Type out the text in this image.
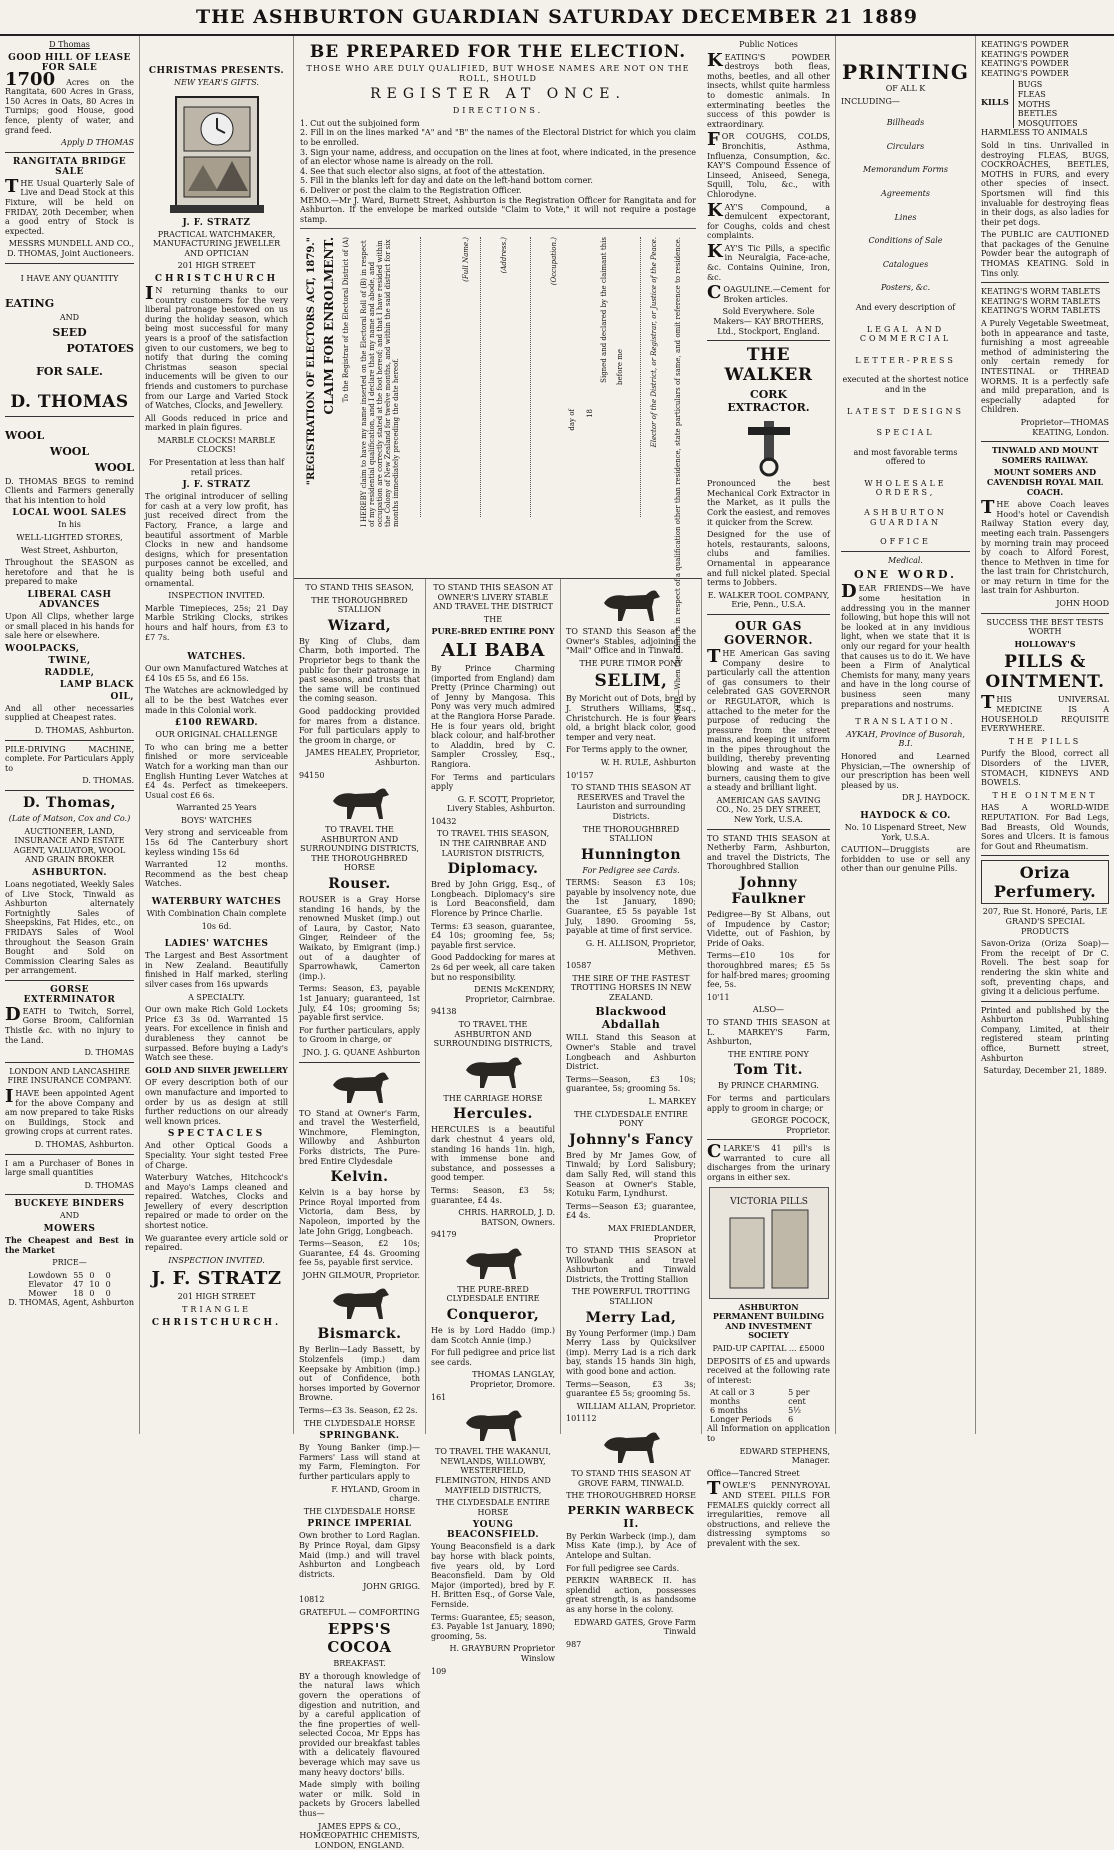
THE ASHBURTON GUARDIAN SATURDAY DECEMBER 21 1889
D Thomas
GOOD HILL OF LEASE FOR SALE
1700 Acres on the Rangitata, 600 Acres in Grass, 150 Acres in Oats, 80 Acres in Turnips; good House, good fence, plenty of water, and grand feed.
Apply D THOMAS
RANGITATA BRIDGE SALE
THE Usual Quarterly Sale of Live and Dead Stock at this Fixture, will be held on FRIDAY, 20th December, when a good entry of Stock is expected.
MESSRS MUNDELL AND CO., D. THOMAS, Joint Auctioneers.
I HAVE ANY QUANTITY
EATING
AND
SEED
POTATOES
FOR SALE.
D. THOMAS
WOOL
WOOL
WOOL
D. THOMAS BEGS to remind Clients and Farmers generally that his intention to hold
LOCAL WOOL SALES
In his
WELL-LIGHTED STORES,
West Street, Ashburton,
Throughout the SEASON as heretofore and that he is prepared to make
LIBERAL CASH ADVANCES
Upon All Clips, whether large or small placed in his hands for sale here or elsewhere.
WOOLPACKS,
TWINE,
RADDLE,
LAMP BLACK
OIL,
And all other necessaries supplied at Cheapest rates.
D. THOMAS, Ashburton.
PILE-DRIVING MACHINE, complete. For Particulars Apply to
D. THOMAS.
D. Thomas,
(Late of Matson, Cox and Co.)
AUCTIONEER, LAND, INSURANCE AND ESTATE AGENT, VALUATOR, WOOL AND GRAIN BROKER
ASHBURTON.
Loans negotiated, Weekly Sales of Live Stock, Tinwald as Ashburton alternately Fortnightly Sales of Sheepskins, Fat Hides, etc., on FRIDAYS Sales of Wool throughout the Season Grain Bought and Sold on Commission Clearing Sales as per arrangement.
GORSE EXTERMINATOR
DEATH to Twitch, Sorrel, Gorse Broom, Californian Thistle &c. with no injury to the Land.
D. THOMAS
LONDON AND LANCASHIRE FIRE INSURANCE COMPANY.
IHAVE been appointed Agent for the above Company and am now prepared to take Risks on Buildings, Stock and growing crops at current rates.
D. THOMAS, Ashburton.
I am a Purchaser of Bones in large small quantities
D. THOMAS
BUCKEYE BINDERS
AND
MOWERS
The Cheapest and Best in the Market
PRICE—
Lowdown	55	0	0
Elevator	47	10	0
Mower	18	0	0
D. THOMAS, Agent, Ashburton
CHRISTMAS PRESENTS.
NEW YEAR'S GIFTS.
J. F. STRATZ
PRACTICAL WATCHMAKER, MANUFACTURING JEWELLER AND OPTICIAN
201 HIGH STREET
CHRISTCHURCH
IN returning thanks to our country customers for the very liberal patronage bestowed on us during the holiday season, which being most successful for many years is a proof of the satisfaction given to our customers, we beg to notify that during the coming Christmas season special inducements will be given to our friends and customers to purchase from our Large and Varied Stock of Watches, Clocks, and Jewellery.
All Goods reduced in price and marked in plain figures.
MARBLE CLOCKS! MARBLE CLOCKS!
For Presentation at less than half retail prices.
J. F. STRATZ
The original introducer of selling for cash at a very low profit, has just received direct from the Factory, France, a large and beautiful assortment of Marble Clocks in new and handsome designs, which for presentation purposes cannot be excelled, and quality being both useful and ornamental.
INSPECTION INVITED.
Marble Timepieces, 25s; 21 Day Marble Striking Clocks, strikes hours and half hours, from £3 to £7 7s.
WATCHES.
Our own Manufactured Watches at £4 10s £5 5s, and £6 15s.
The Watches are acknowledged by all to be the best Watches ever made in this Colonial work.
£100 REWARD.
OUR ORIGINAL CHALLENGE
To who can bring me a better finished or more serviceable Watch for a working man than our English Hunting Lever Watches at £4 4s. Perfect as timekeepers. Usual cost £6 6s.
Warranted 25 Years
BOYS' WATCHES
Very strong and serviceable from 15s 6d The Canterbury short keyless winding 15s 6d
Warranted 12 months. Recommend as the best cheap Watches.
WATERBURY WATCHES
With Combination Chain complete
10s 6d.
LADIES' WATCHES
The Largest and Best Assortment in New Zealand. Beautifully finished in Half marked, sterling silver cases from 16s upwards
A SPECIALTY.
Our own make Rich Gold Lockets Price £3 3s 0d. Warranted 15 years. For excellence in finish and durableness they cannot be surpassed. Before buying a Lady's Watch see these.
GOLD AND SILVER JEWELLERY
OF every description both of our own manufacture and imported to order by us as design at still further reductions on our already well known prices.
SPECTACLES
And other Optical Goods a Speciality. Your sight tested Free of Charge.
Waterbury Watches, Hitchcock's and Mayo's Lamps cleaned and repaired. Watches, Clocks and Jewellery of every description repaired or made to order on the shortest notice.
We guarantee every article sold or repaired.
INSPECTION INVITED.
J. F. STRATZ
201 HIGH STREET
TRIANGLE
CHRISTCHURCH.
BE PREPARED FOR THE ELECTION.
THOSE WHO ARE DULY QUALIFIED, BUT WHOSE NAMES ARE NOT ON THE ROLL, SHOULD
REGISTER AT ONCE.
DIRECTIONS.
1. Cut out the subjoined form
2. Fill in on the lines marked "A" and "B" the names of the Electoral District for which you claim to be enrolled.
3. Sign your name, address, and occupation on the lines at foot, where indicated, in the presence of an elector whose name is already on the roll.
4. See that such elector also signs, at foot of the attestation.
5. Fill in the blanks left for day and date on the left-hand bottom corner.
6. Deliver or post the claim to the Registration Officer.
MEMO.—Mr J. Ward, Burnett Street, Ashburton is the Registration Officer for Rangitata and for Ashburton. If the envelope be marked outside "Claim to Vote," it will not require a postage stamp.
"REGISTRATION OF ELECTORS ACT, 1879." CLAIM FOR ENROLMENT. To the Registrar of the Electoral District of (A) I HEREBY claim to have my name inserted on the Electoral Roll of (B) in respect of my residential qualification, and I declare that my name and abode, and occupation are correctly stated at the foot hereof; and that I have resided within the Colony of New Zealand for twelve months, and within the said district for six months immediately preceding the date hereof.
(Full Name.)	(Address.)	(Occupation.)
day of 18
Signed and declared by the claimant this before me	Elector of the District, or Registrar, or Justice of the Peace. NOTE.—When the claim is in respect of a qualification other than residence, state particulars of same, and omit reference to residence.
TO STAND THIS SEASON,
THE THOROUGHBRED STALLION
Wizard,
By King of Clubs, dam Charm, both imported. The Proprietor begs to thank the public for their patronage in past seasons, and trusts that the same will be continued the coming season.
Good paddocking provided for mares from a distance. For full particulars apply to the groom in charge, or
JAMES HEALEY, Proprietor, Ashburton.
94150
TO TRAVEL THE ASHBURTON AND SURROUNDING DISTRICTS, THE THOROUGHBRED HORSE
Rouser.
ROUSER is a Gray Horse standing 16 hands, by the renowned Musket (imp.) out of Laura, by Castor, Nato Ginger, Reindeer of the Waikato, by Emigrant (imp.) out of a daughter of Sparrowhawk, Camerton (imp.).
Terms: Season, £3, payable 1st January; guaranteed, 1st July, £4 10s; grooming 5s; payable first service.
For further particulars, apply to Groom in charge, or
JNO. J. G. QUANE Ashburton
TO Stand at Owner's Farm, and travel the Westerfield, Winchmore, Flemington, Willowby and Ashburton Forks districts, The Pure-bred Entire Clydesdale
Kelvin.
Kelvin is a bay horse by Prince Royal imported from Victoria, dam Bess, by Napoleon, imported by the late John Grigg, Longbeach.
Terms—Season, £2 10s; Guarantee, £4 4s. Grooming fee 5s, payable first service.
JOHN GILMOUR, Proprietor.
Bismarck.
By Berlin—Lady Bassett, by Stolzenfels (imp.) dam Keepsake by Ambition (imp.) out of Confidence, both horses imported by Governor Browne.
Terms—£3 3s. Season, £2 2s.
THE CLYDESDALE HORSE
SPRINGBANK.
By Young Banker (imp.)—Farmers' Lass will stand at my Farm, Flemington. For further particulars apply to
F. HYLAND, Groom in charge.
THE CLYDESDALE HORSE
PRINCE IMPERIAL
Own brother to Lord Raglan. By Prince Royal, dam Gipsy Maid (imp.) and will travel Ashburton and Longbeach districts.
JOHN GRIGG.
10812
GRATEFUL — COMFORTING
EPPS'S COCOA
BREAKFAST.
BY a thorough knowledge of the natural laws which govern the operations of digestion and nutrition, and by a careful application of the fine properties of well-selected Cocoa, Mr Epps has provided our breakfast tables with a delicately flavoured beverage which may save us many heavy doctors' bills.
Made simply with boiling water or milk. Sold in packets by Grocers labelled thus—
JAMES EPPS & CO., HOMŒOPATHIC CHEMISTS, LONDON, ENGLAND.
TO STAND THIS SEASON AT OWNER'S LIVERY STABLE AND TRAVEL THE DISTRICT
THE
PURE-BRED ENTIRE PONY
ALI BABA
By Prince Charming (imported from England) dam Pretty (Prince Charming) out of Jenny by Mangosa. This Pony was very much admired at the Rangiora Horse Parade. He is four years old, bright black colour, and half-brother to Aladdin, bred by C. Sampler Crossley, Esq., Rangiora.
For Terms and particulars apply
G. F. SCOTT, Proprietor, Livery Stables, Ashburton.
10432
TO TRAVEL THIS SEASON, IN THE CAIRNBRAE AND LAURISTON DISTRICTS,
Diplomacy.
Bred by John Grigg, Esq., of Longbeach. Diplomacy's sire is Lord Beaconsfield, dam Florence by Prince Charlie.
Terms: £3 season, guarantee, £4 10s; grooming fee, 5s; payable first service.
Good Paddocking for mares at 2s 6d per week, all care taken but no responsibility.
DENIS McKENDRY, Proprietor, Cairnbrae.
94138
TO TRAVEL THE ASHBURTON AND SURROUNDING DISTRICTS,
THE CARRIAGE HORSE
Hercules.
HERCULES is a beautiful dark chestnut 4 years old, standing 16 hands 1in. high, with immense bone and substance, and possesses a good temper.
Terms: Season, £3 5s; guarantee, £4 4s.
CHRIS. HARROLD, J. D. BATSON, Owners.
94179
THE PURE-BRED CLYDESDALE ENTIRE
Conqueror,
He is by Lord Haddo (imp.) dam Scotch Annie (imp.)
For full pedigree and price list see cards.
THOMAS LANGLAY, Proprietor, Dromore.
161
TO TRAVEL THE WAKANUI, NEWLANDS, WILLOWBY, WESTERFIELD, FLEMINGTON, HINDS AND MAYFIELD DISTRICTS,
THE CLYDESDALE ENTIRE HORSE
YOUNG BEACONSFIELD.
Young Beaconsfield is a dark bay horse with black points, five years old, by Lord Beaconsfield. Dam by Old Major (imported), bred by F. H. Britten Esq., of Gorse Vale, Fernside.
Terms: Guarantee, £5; season, £3. Payable 1st January, 1890; grooming, 5s.
H. GRAYBURN Proprietor Winslow
109
TO STAND this Season at the Owner's Stables, adjoining the "Mail" Office and in Tinwald.
THE PURE TIMOR PONY
SELIM,
By Moricht out of Dots, bred by J. Struthers Williams, Esq., Christchurch. He is four years old, a bright black color, good temper and very neat.
For Terms apply to the owner,
W. H. RULE, Ashburton
10'157
TO STAND THIS SEASON AT RESERVES and Travel the Lauriston and surrounding Districts.
THE THOROUGHBRED STALLION
Hunnington
For Pedigree see Cards.
TERMS: Season £3 10s; payable by insolvency note, due the 1st January, 1890; Guarantee, £5 5s payable 1st July, 1890. Grooming 5s, payable at time of first service.
G. H. ALLISON, Proprietor, Methven.
10587
THE SIRE OF THE FASTEST TROTTING HORSES IN NEW ZEALAND.
Blackwood Abdallah
WILL Stand this Season at Owner's Stable and travel Longbeach and Ashburton District.
Terms—Season, £3 10s; guarantee, 5s; grooming 5s.
L. MARKEY
THE CLYDESDALE ENTIRE PONY
Johnny's Fancy
Bred by Mr James Gow, of Tinwald; by Lord Salisbury; dam Sally Red, will stand this Season at Owner's Stable, Kotuku Farm, Lyndhurst.
Terms—Season £3; guarantee, £4 4s.
MAX FRIEDLANDER, Proprietor
TO STAND THIS SEASON at Willowbank and travel Ashburton and Tinwald Districts, the Trotting Stallion
THE POWERFUL TROTTING STALLION
Merry Lad,
By Young Performer (imp.) Dam Merry Lass by Quicksilver (imp). Merry Lad is a rich dark bay, stands 15 hands 3in high, with good bone and action.
Terms—Season, £3 3s; guarantee £5 5s; grooming 5s.
WILLIAM ALLAN, Proprietor.
101112
TO STAND THIS SEASON AT GROVE FARM, TINWALD.
THE THOROUGHBRED HORSE
PERKIN WARBECK II.
By Perkin Warbeck (imp.), dam Miss Kate (imp.), by Ace of Antelope and Sultan.
For full pedigree see Cards.
PERKIN WARBECK II. has splendid action, possesses great strength, is as handsome as any horse in the colony.
EDWARD GATES, Grove Farm Tinwald
987
Public Notices
KEATING'S POWDER destroys both fleas, moths, beetles, and all other insects, whilst quite harmless to domestic animals. In exterminating beetles the success of this powder is extraordinary.
FOR COUGHS, COLDS, Bronchitis, Asthma, Influenza, Consumption, &c. KAY'S Compound Essence of Linseed, Aniseed, Senega, Squill, Tolu, &c., with Chlorodyne.
KAY'S Compound, a demulcent expectorant, for Coughs, colds and chest complaints.
KAY'S Tic Pills, a specific in Neuralgia, Face-ache, &c. Contains Quinine, Iron, &c.
COAGULINE.—Cement for Broken articles.
Sold Everywhere. Sole Makers— KAY BROTHERS, Ltd., Stockport, England.
THE WALKER
CORK EXTRACTOR.
Pronounced the best Mechanical Cork Extractor in the Market, as it pulls the Cork the easiest, and removes it quicker from the Screw.
Designed for the use of hotels, restaurants, saloons, clubs and families. Ornamental in appearance and full nickel plated. Special terms to Jobbers.
E. WALKER TOOL COMPANY, Erie, Penn., U.S.A.
OUR GAS GOVERNOR.
THE American Gas saving Company desire to particularly call the attention of gas consumers to their celebrated GAS GOVERNOR or REGULATOR, which is attached to the meter for the purpose of reducing the pressure from the street mains, and keeping it uniform in the pipes throughout the building, thereby preventing blowing and waste at the burners, causing them to give a steady and brilliant light.
AMERICAN GAS SAVING CO., No. 25 DEY STREET, New York, U.S.A.
TO STAND THIS SEASON at Netherby Farm, Ashburton, and travel the Districts, The Thoroughbred Stallion
Johnny Faulkner
Pedigree—By St Albans, out of Impudence by Castor; Vidette, out of Fashion, by Pride of Oaks.
Terms—£10 10s for thoroughbred mares; £5 5s for half-bred mares; grooming fee, 5s.
10'11
ALSO—
TO STAND THIS SEASON at L. MARKEY'S Farm, Ashburton,
THE ENTIRE PONY
Tom Tit.
By PRINCE CHARMING.
For terms and particulars apply to groom in charge; or
GEORGE POCOCK, Proprietor.
CLARKE'S 41 pill's is warranted to cure all discharges from the urinary organs in either sex.
VICTORIA PILLS
ASHBURTON PERMANENT BUILDING AND INVESTMENT SOCIETY
PAID-UP CAPITAL ... £5000
DEPOSITS of £5 and upwards received at the following rate of interest:
At call or 3 months	5 per cent
6 months	5½
Longer Periods	6
All Information on application to
EDWARD STEPHENS, Manager.
Office—Tancred Street
TOWLE'S PENNYROYAL AND STEEL PILLS FOR FEMALES quickly correct all irregularities, remove all obstructions, and relieve the distressing symptoms so prevalent with the sex.
PRINTING
OF ALL K
INCLUDING—
Billheads
Circulars
Memorandum Forms
Agreements
Lines
Conditions of Sale
Catalogues
Posters, &c.
And every description of
LEGAL AND COMMERCIAL
LETTER-PRESS
executed at the shortest notice and in the
LATEST DESIGNS
SPECIAL
and most favorable terms offered to
WHOLESALE ORDERS,
ASHBURTON GUARDIAN
OFFICE
Medical.
ONE WORD.
DEAR FRIENDS—We have some hesitation in addressing you in the manner following, but hope this will not be looked at in any invidious light, when we state that it is only our regard for your health that causes us to do it. We have been a Firm of Analytical Chemists for many, many years and have in the long course of business seen many preparations and nostrums.
TRANSLATION.
AYKAH, Province of Busorah, B.I.
Honored and Learned Physician,—The ownership of our prescription has been well pleased by us.
DR J. HAYDOCK.
HAYDOCK & CO.
No. 10 Lispenard Street, New York, U.S.A.
CAUTION—Druggists are forbidden to use or sell any other than our genuine Pills.
KEATING'S POWDER
KEATING'S POWDER
KEATING'S POWDER
KEATING'S POWDER
KILLS
BUGS
FLEAS
MOTHS
BEETLES
MOSQUITOES
HARMLESS TO ANIMALS
Sold in tins. Unrivalled in destroying FLEAS, BUGS, COCKROACHES, BEETLES, MOTHS in FURS, and every other species of insect. Sportsmen will find this invaluable for destroying fleas in their dogs, as also ladies for their pet dogs.
The PUBLIC are CAUTIONED that packages of the Genuine Powder bear the autograph of THOMAS KEATING. Sold in Tins only.
KEATING'S WORM TABLETS
KEATING'S WORM TABLETS
KEATING'S WORM TABLETS
A Purely Vegetable Sweetmeat, both in appearance and taste, furnishing a most agreeable method of administering the only certain remedy for INTESTINAL or THREAD WORMS. It is a perfectly safe and mild preparation, and is especially adapted for Children.
Proprietor—THOMAS KEATING, London.
TINWALD AND MOUNT SOMERS RAILWAY.
MOUNT SOMERS AND CAVENDISH ROYAL MAIL COACH.
THE above Coach leaves Hood's hotel or Cavendish Railway Station every day, meeting each train. Passengers by morning train may proceed by coach to Alford Forest, thence to Methven in time for the last train for Christchurch, or may return in time for the last train for Ashburton.
JOHN HOOD
SUCCESS THE BEST TESTS WORTH
HOLLOWAY'S
PILLS & OINTMENT.
THIS UNIVERSAL MEDICINE IS A HOUSEHOLD REQUISITE EVERYWHERE.
THE PILLS
Purify the Blood, correct all Disorders of the LIVER, STOMACH, KIDNEYS AND BOWELS.
THE OINTMENT
HAS A WORLD-WIDE REPUTATION. For Bad Legs, Bad Breasts, Old Wounds, Sores and Ulcers. It is famous for Gout and Rheumatism.
Oriza Perfumery.
207, Rue St. Honoré, Paris, LE GRAND'S SPECIAL PRODUCTS
Savon-Oriza (Oriza Soap)—From the receipt of Dr C. Roveli. The best soap for rendering the skin white and soft, preventing chaps, and giving it a delicious perfume.
Printed and published by the Ashburton Publishing Company, Limited, at their registered steam printing office, Burnett street, Ashburton
Saturday, December 21, 1889.
